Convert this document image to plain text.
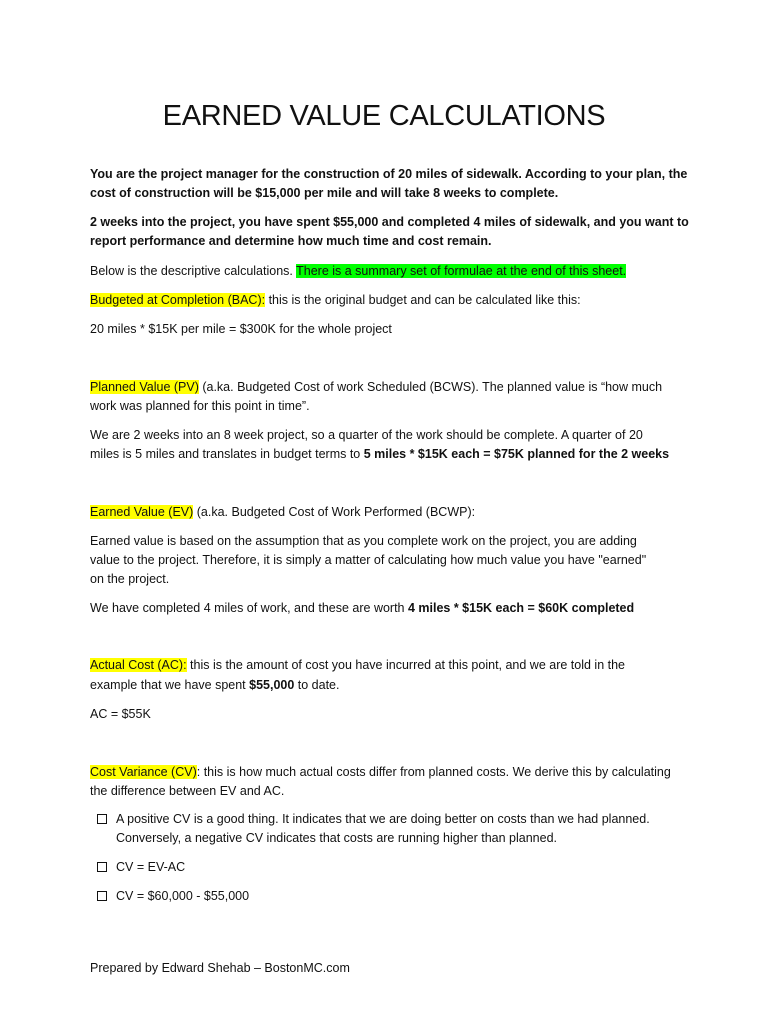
EARNED VALUE CALCULATIONS
You are the project manager for the construction of 20 miles of sidewalk. According to your plan, the
cost of construction will be $15,000 per mile and will take 8 weeks to complete.
2 weeks into the project, you have spent $55,000 and completed 4 miles of sidewalk, and you want to
report performance and determine how much time and cost remain.
Below is the descriptive calculations. There is a summary set of formulae at the end of this sheet.
Budgeted at Completion (BAC): this is the original budget and can be calculated like this:
20 miles * $15K per mile = $300K for the whole project
Planned Value (PV) (a.ka. Budgeted Cost of work Scheduled (BCWS). The planned value is “how much
work was planned for this point in time”.
We are 2 weeks into an 8 week project, so a quarter of the work should be complete. A quarter of 20
miles is 5 miles and translates in budget terms to 5 miles * $15K each = $75K planned for the 2 weeks
Earned Value (EV) (a.ka. Budgeted Cost of Work Performed (BCWP):
Earned value is based on the assumption that as you complete work on the project, you are adding
value to the project. Therefore, it is simply a matter of calculating how much value you have "earned"
on the project.
We have completed 4 miles of work, and these are worth 4 miles * $15K each = $60K completed
Actual Cost (AC): this is the amount of cost you have incurred at this point, and we are told in the
example that we have spent $55,000 to date.
AC = $55K
Cost Variance (CV): this is how much actual costs differ from planned costs. We derive this by calculating
the difference between EV and AC.
A positive CV is a good thing. It indicates that we are doing better on costs than we had planned.
Conversely, a negative CV indicates that costs are running higher than planned.
CV = EV-AC
CV = $60,000 - $55,000
Prepared by Edward Shehab – BostonMC.com
